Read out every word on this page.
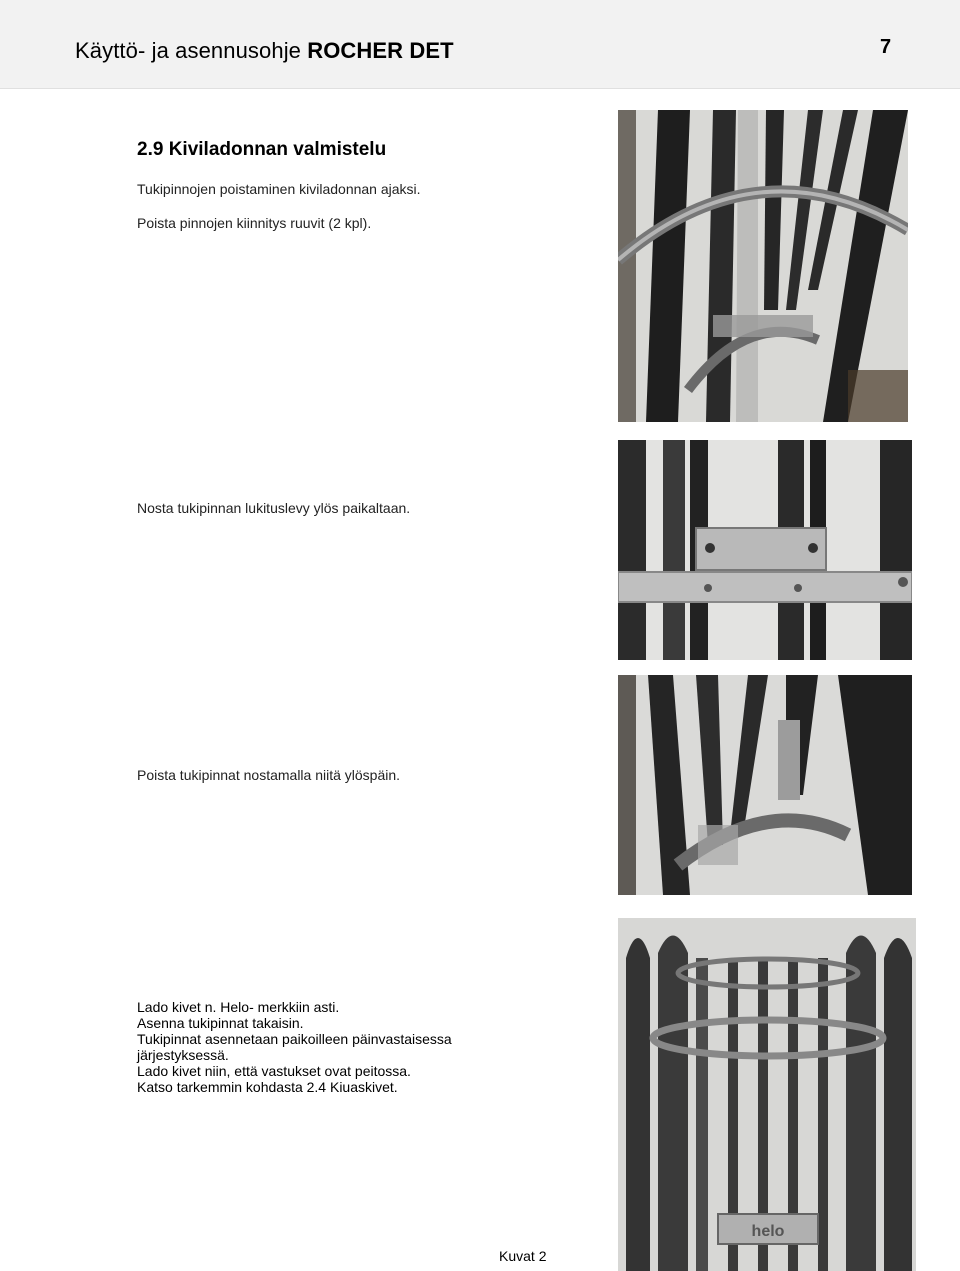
Käyttö- ja asennusohje ROCHER DET	7
2.9 Kiviladonnan valmistelu
Tukipinnojen poistaminen kiviladonnan ajaksi.
Poista pinnojen kiinnitys ruuvit (2 kpl).
Nosta tukipinnan lukituslevy ylös paikaltaan.
Poista tukipinnat nostamalla niitä ylöspäin.
Lado kivet n. Helo- merkkiin asti.
Asenna tukipinnat takaisin.
Tukipinnat asennetaan paikoilleen päinvastaisessa
järjestyksessä.
Lado kivet niin, että vastukset ovat peitossa.
Katso tarkemmin kohdasta 2.4 Kiuaskivet.
helo
Kuvat 2
